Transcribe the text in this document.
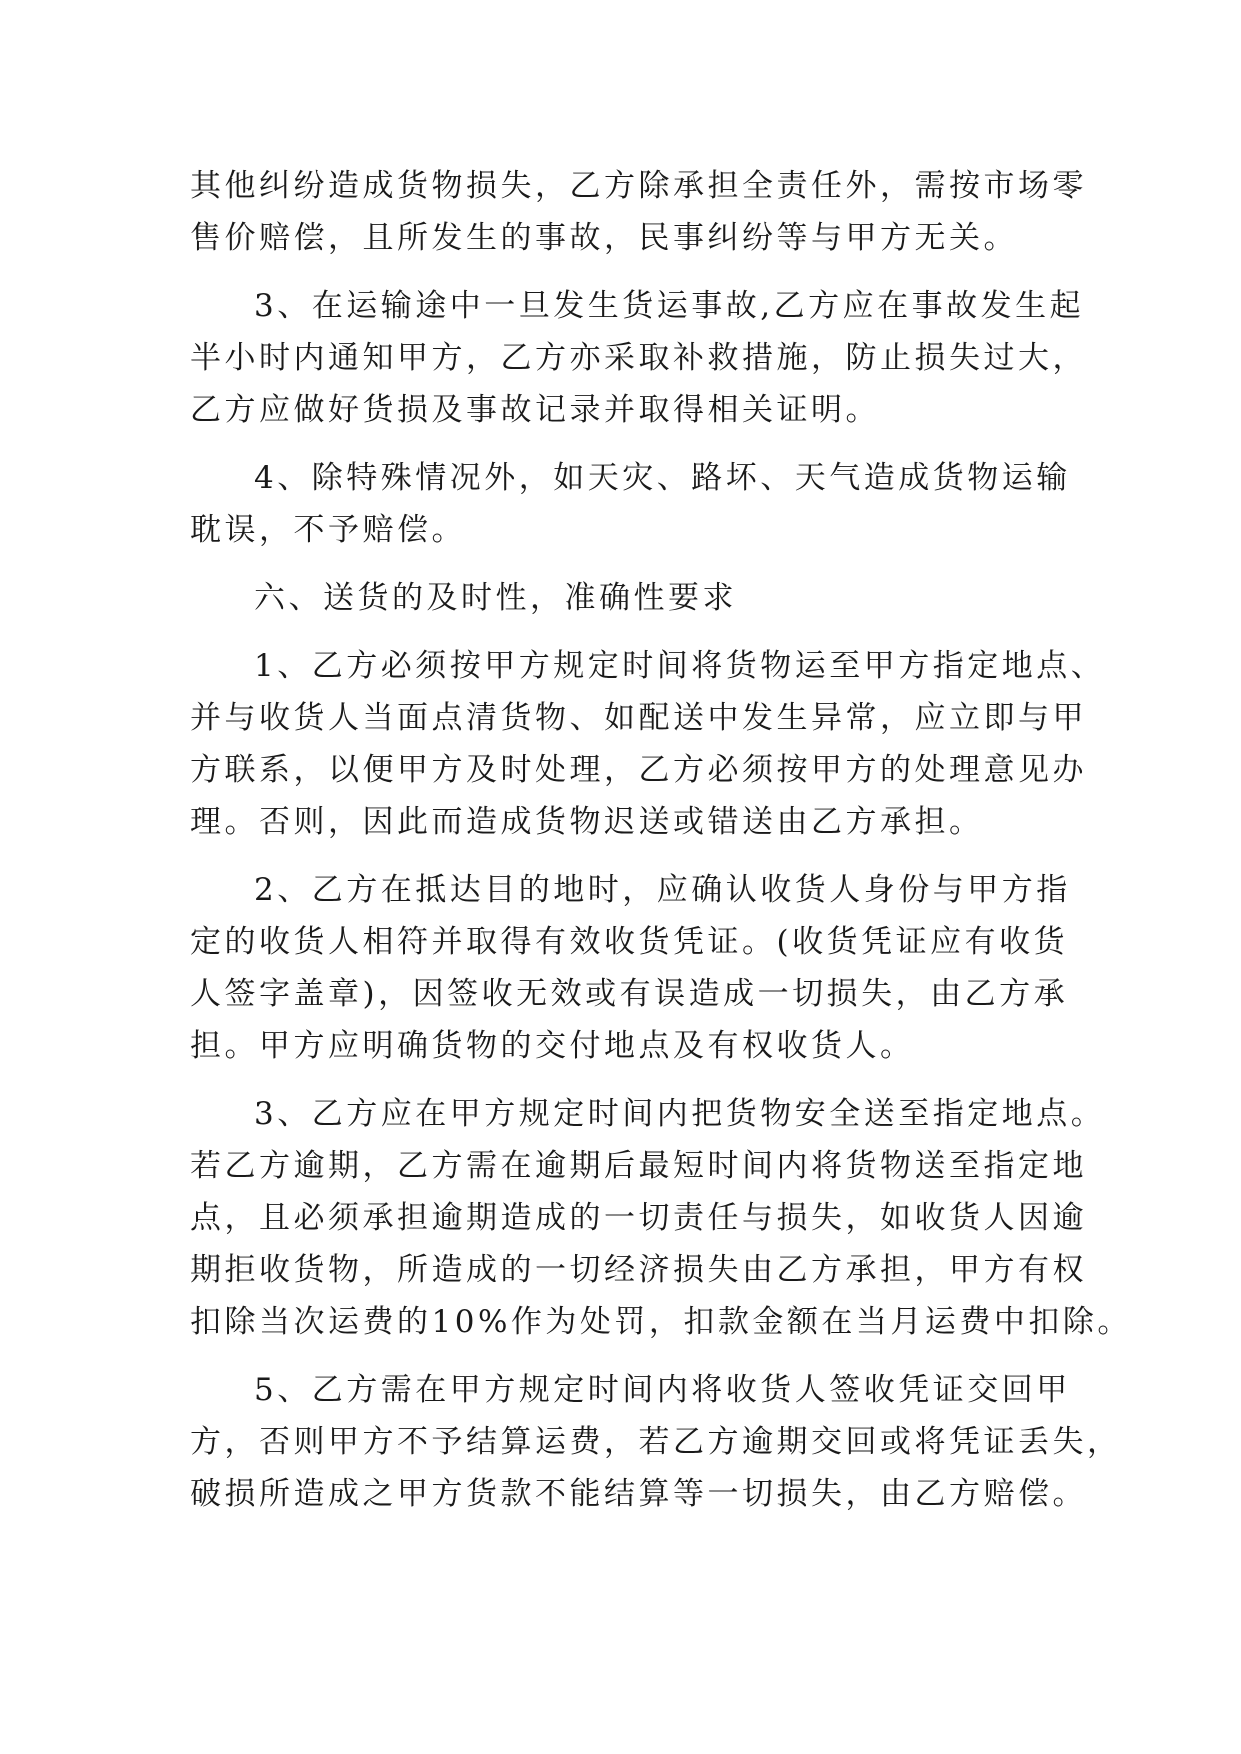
其他纠纷造成货物损失，乙方除承担全责任外，需按市场零
售价赔偿，且所发生的事故，民事纠纷等与甲方无关。
3、在运输途中一旦发生货运事故,乙方应在事故发生起
半小时内通知甲方，乙方亦采取补救措施，防止损失过大，
乙方应做好货损及事故记录并取得相关证明。
4、除特殊情况外，如天灾、路坏、天气造成货物运输
耽误，不予赔偿。
六、送货的及时性，准确性要求
1、乙方必须按甲方规定时间将货物运至甲方指定地点、
并与收货人当面点清货物、如配送中发生异常，应立即与甲
方联系，以便甲方及时处理，乙方必须按甲方的处理意见办
理。否则，因此而造成货物迟送或错送由乙方承担。
2、乙方在抵达目的地时，应确认收货人身份与甲方指
定的收货人相符并取得有效收货凭证。(收货凭证应有收货
人签字盖章)，因签收无效或有误造成一切损失，由乙方承
担。甲方应明确货物的交付地点及有权收货人。
3、乙方应在甲方规定时间内把货物安全送至指定地点。
若乙方逾期，乙方需在逾期后最短时间内将货物送至指定地
点，且必须承担逾期造成的一切责任与损失，如收货人因逾
期拒收货物，所造成的一切经济损失由乙方承担，甲方有权
扣除当次运费的10%作为处罚，扣款金额在当月运费中扣除。
5、乙方需在甲方规定时间内将收货人签收凭证交回甲
方，否则甲方不予结算运费，若乙方逾期交回或将凭证丢失，
破损所造成之甲方货款不能结算等一切损失，由乙方赔偿。
